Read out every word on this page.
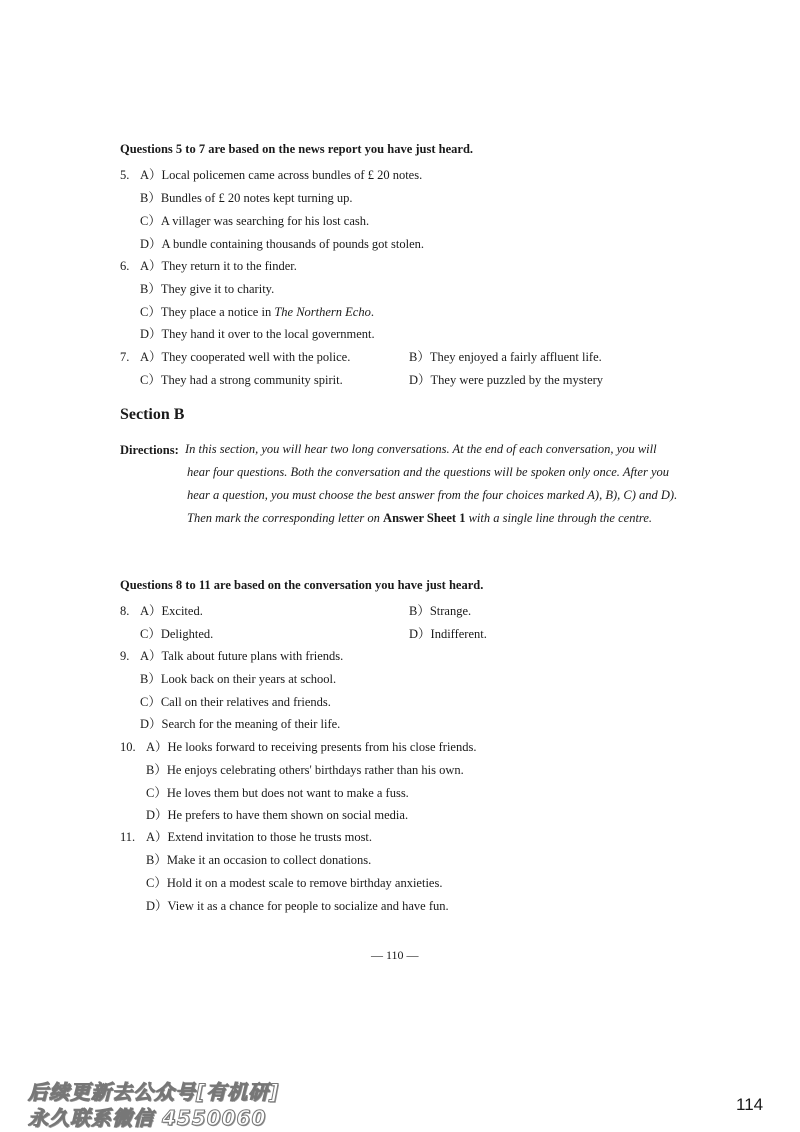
Questions 5 to 7 are based on the news report you have just heard.
5. A）Local policemen came across bundles of £ 20 notes.
B）Bundles of £ 20 notes kept turning up.
C）A villager was searching for his lost cash.
D）A bundle containing thousands of pounds got stolen.
6. A）They return it to the finder.
B）They give it to charity.
C）They place a notice in The Northern Echo.
D）They hand it over to the local government.
7. A）They cooperated well with the police.	B）They enjoyed a fairly affluent life.
C）They had a strong community spirit.	D）They were puzzled by the mystery
Section B
Directions: In this section, you will hear two long conversations. At the end of each conversation, you will hear four questions. Both the conversation and the questions will be spoken only once. After you hear a question, you must choose the best answer from the four choices marked A), B), C) and D). Then mark the corresponding letter on Answer Sheet 1 with a single line through the centre.
Questions 8 to 11 are based on the conversation you have just heard.
8. A）Excited.	B）Strange.
C）Delighted.	D）Indifferent.
9. A）Talk about future plans with friends.
B）Look back on their years at school.
C）Call on their relatives and friends.
D）Search for the meaning of their life.
10. A）He looks forward to receiving presents from his close friends.
B）He enjoys celebrating others' birthdays rather than his own.
C）He loves them but does not want to make a fuss.
D）He prefers to have them shown on social media.
11. A）Extend invitation to those he trusts most.
B）Make it an occasion to collect donations.
C）Hold it on a modest scale to remove birthday anxieties.
D）View it as a chance for people to socialize and have fun.
— 110 —
后续更新去公众号[有机研]
永久联系微信 4550060
114
